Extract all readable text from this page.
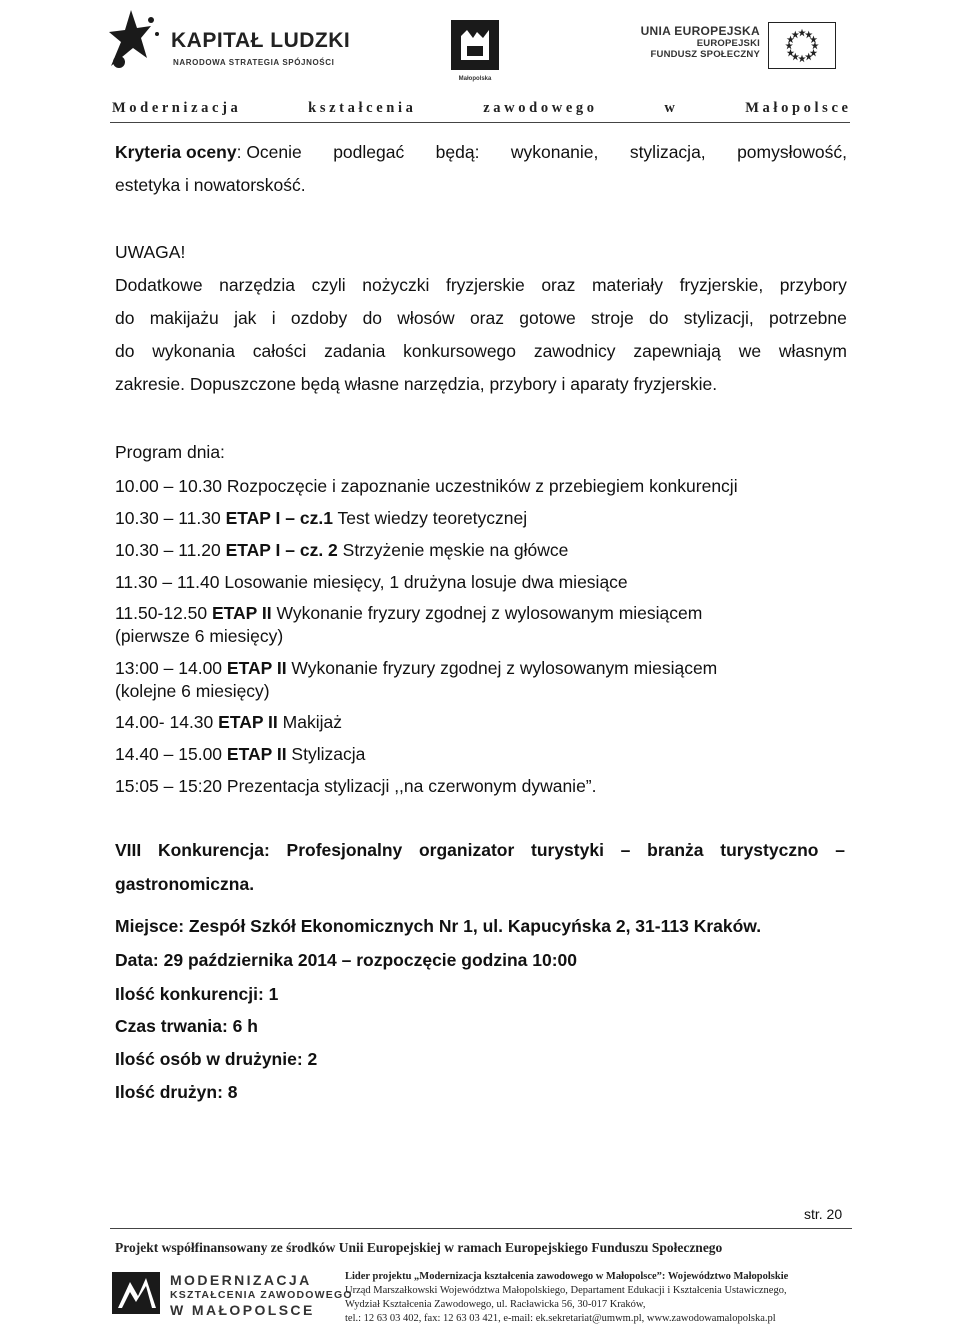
KAPITAŁ LUDZKI
NARODOWA STRATEGIA SPÓJNOŚCI
Małopolska
UNIA EUROPEJSKA
EUROPEJSKI
FUNDUSZ SPOŁECZNY
M o d e r n i z a c j a	k s z t a ł c e n i a	z a w o d o w e g o	w	M a ł o p o l s c e
Kryteria oceny: Ocenie podlegać będą: wykonanie, stylizacja, pomysłowość,
estetyka i nowatorskość.
UWAGA!
Dodatkowe narzędzia czyli nożyczki fryzjerskie oraz materiały fryzjerskie, przybory
do makijażu jak i ozdoby do włosów oraz gotowe stroje do stylizacji, potrzebne
do wykonania całości zadania konkursowego zawodnicy zapewniają we własnym
zakresie. Dopuszczone będą własne narzędzia, przybory i aparaty fryzjerskie.
Program dnia:
10.00 – 10.30 Rozpoczęcie i zapoznanie uczestników z przebiegiem konkurencji
10.30 – 11.30 ETAP I – cz.1 Test wiedzy teoretycznej
10.30 – 11.20 ETAP I – cz. 2 Strzyżenie męskie na główce
11.30 – 11.40 Losowanie miesięcy, 1 drużyna losuje dwa miesiące
11.50-12.50 ETAP II Wykonanie fryzury zgodnej z wylosowanym miesiącem
(pierwsze 6 miesięcy)
13:00 – 14.00 ETAP II Wykonanie fryzury zgodnej z wylosowanym miesiącem
(kolejne 6 miesięcy)
14.00- 14.30 ETAP II Makijaż
14.40 – 15.00 ETAP II Stylizacja
15:05 – 15:20 Prezentacja stylizacji ,,na czerwonym dywanie”.
VIII Konkurencja: Profesjonalny organizator turystyki – branża turystyczno –
gastronomiczna.
Miejsce: Zespół Szkół Ekonomicznych Nr 1, ul. Kapucyńska 2, 31-113 Kraków.
Data: 29 października 2014 – rozpoczęcie godzina 10:00
Ilość konkurencji: 1
Czas trwania: 6 h
Ilość osób w drużynie: 2
Ilość drużyn: 8
str. 20
Projekt współfinansowany ze środków Unii Europejskiej w ramach Europejskiego Funduszu Społecznego
MODERNIZACJA
KSZTAŁCENIA ZAWODOWEGO
W MAŁOPOLSCE
Lider projektu „Modernizacja kształcenia zawodowego w Małopolsce”: Województwo Małopolskie
Urząd Marszałkowski Województwa Małopolskiego, Departament Edukacji i Kształcenia Ustawicznego,
Wydział Kształcenia Zawodowego, ul. Racławicka 56, 30-017 Kraków,
tel.: 12 63 03 402, fax: 12 63 03 421, e-mail: ek.sekretariat@umwm.pl, www.zawodowamalopolska.pl
